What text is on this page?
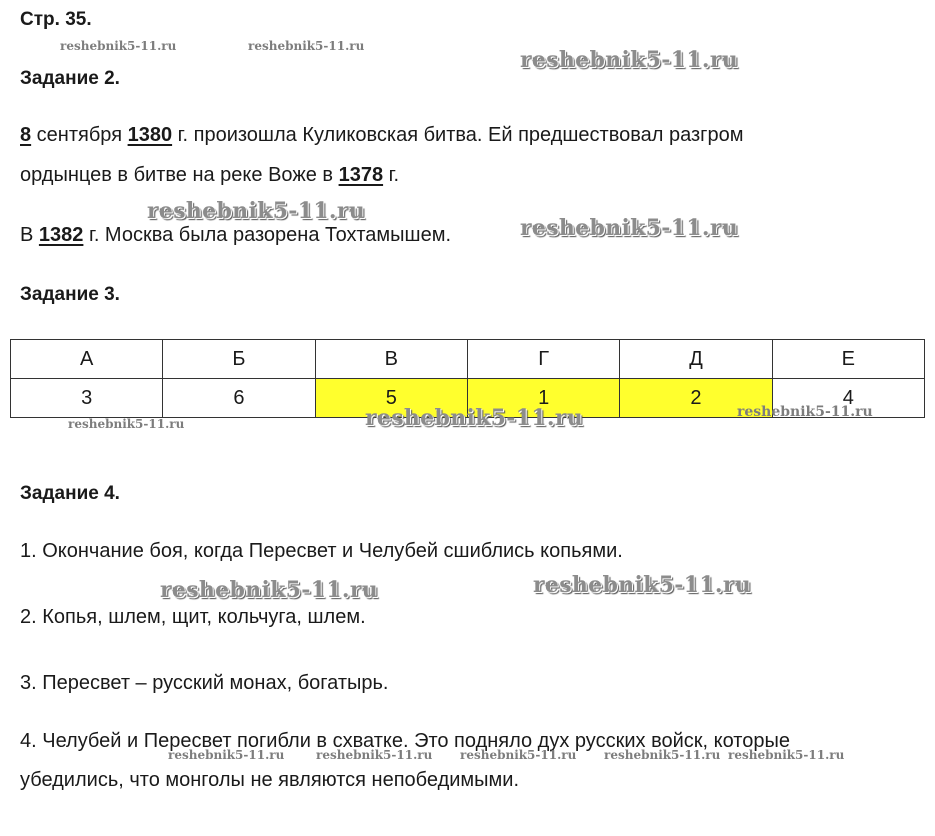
Стр. 35.
Задание 2.
8 сентября 1380 г. произошла Куликовская битва. Ей предшествовал разгром
ордынцев в битве на реке Воже в 1378 г.
В 1382 г. Москва была разорена Тохтамышем.
Задание 3.
А	Б	В	Г	Д	Е
3	6	5	1	2	4
Задание 4.
1. Окончание боя, когда Пересвет и Челубей сшиблись копьями.
2. Копья, шлем, щит, кольчуга, шлем.
3. Пересвет – русский монах, богатырь.
4. Челубей и Пересвет погибли в схватке. Это подняло дух русских войск, которые
убедились, что монголы не являются непобедимыми.
reshebnik5-11.ru	reshebnik5-11.ru
reshebnik5-11.ru
reshebnik5-11.ru
reshebnik5-11.ru
reshebnik5-11.ru	reshebnik5-11.ru	reshebnik5-11.ru
reshebnik5-11.ru	reshebnik5-11.ru
reshebnik5-11.ru	reshebnik5-11.ru reshebnik5-11.ru reshebnik5-11.ru reshebnik5-11.ru
